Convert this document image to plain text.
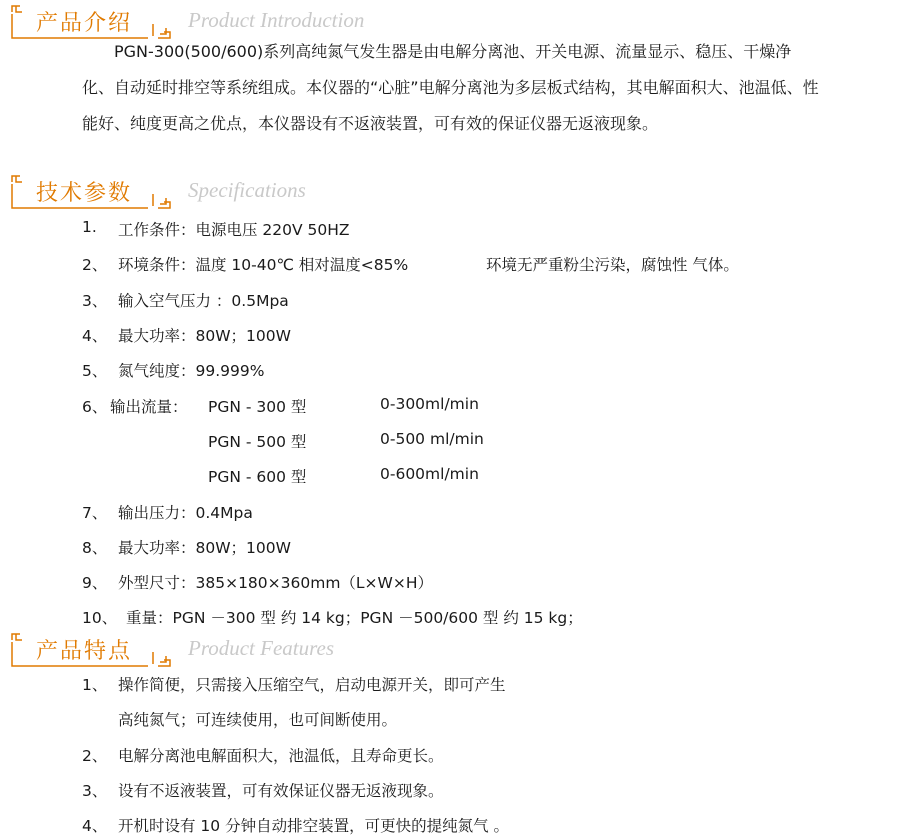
产品介绍	Product Introduction

PGN-300(500/600)系列高纯氮气发生器是由电解分离池、开关电源、流量显示、稳压、干燥净化、自动延时排空等系统组成。本仪器的“心脏”电解分离池为多层板式结构，其电解面积大、池温低、性能好、纯度更高之优点，本仪器设有不返液装置，可有效的保证仪器无返液现象。

技术参数	Specifications
1. 工作条件：电源电压 220V 50HZ
2、 环境条件：温度 10-40℃ 相对温度<85%	环境无严重粉尘污染，腐蚀性 气体。
3、 输入空气压力 ：0.5Mpa
4、 最大功率：80W；100W
5、 氮气纯度：99.999%
6、 输出流量： PGN - 300 型	0-300ml/min
PGN - 500 型	0-500 ml/min
PGN - 600 型	0-600ml/min
7、 输出压力：0.4Mpa
8、 最大功率：80W；100W
9、 外型尺寸：385×180×360mm（L×W×H）
10、 重量：PGN －300 型 约 14 kg；PGN －500/600 型 约 15 kg；
产品特点	Product Features
1、 操作简便，只需接入压缩空气，启动电源开关，即可产生
高纯氮气；可连续使用，也可间断使用。
2、 电解分离池电解面积大，池温低，且寿命更长。
3、 设有不返液装置，可有效保证仪器无返液现象。
4、 开机时设有 10 分钟自动排空装置，可更快的提纯氮气 。
